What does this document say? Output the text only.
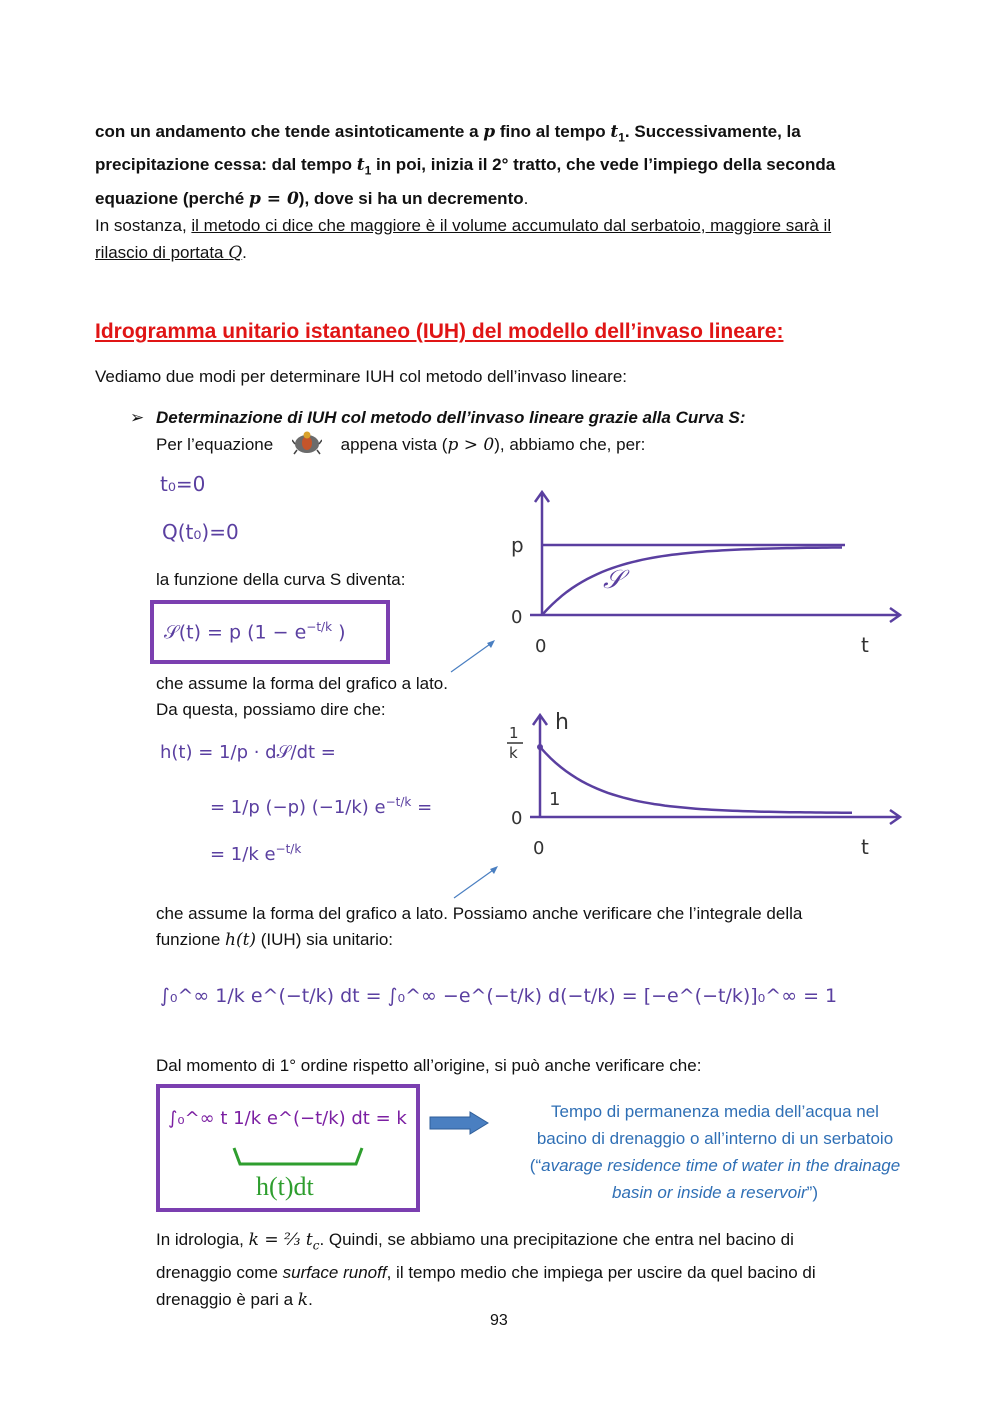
con un andamento che tende asintoticamente a p fino al tempo $t_1$. Successivamente, la
precipitazione cessa: dal tempo $t_1$ in poi, inizia il 2° tratto, che vede l’impiego della seconda
equazione (perché p = 0), dove si ha un decremento.
In sostanza, il metodo ci dice che maggiore è il volume accumulato dal serbatoio, maggiore sarà il
rilascio di portata Q.
Idrogramma unitario istantaneo (IUH) del modello dell’invaso lineare:
Vediamo due modi per determinare IUH col metodo dell’invaso lineare:
➢ Determinazione di IUH col metodo dell’invaso lineare grazie alla Curva S:
Per l’equazione	appena vista (p > 0), abbiamo che, per:
t₀=0
Q(t₀)=0
la funzione della curva S diventa:
𝒮(t) = p ($1 - e^{-t/k}$ )
p
𝒮
0
0	t
che assume la forma del grafico a lato.
Da questa, possiamo dire che:
h(t) = 1/p · d𝒮/dt =
= 1/p (−p) (−1/k) $e^{-t/k}$ =
= 1/k $e^{-t/k}$
h
1
k
1
0
0	t
che assume la forma del grafico a lato. Possiamo anche verificare che l’integrale della
funzione h(t) (IUH) sia unitario:
∫₀^∞ 1/k e^(−t/k) dt = ∫₀^∞ −e^(−t/k) d(−t/k) = [−e^(−t/k)]₀^∞ = 1
Dal momento di 1° ordine rispetto all’origine, si può anche verificare che:
∫₀^∞ t 1/k e^(−t/k) dt = k
h(t)dt
Tempo di permanenza media dell’acqua nel
bacino di drenaggio o all’interno di un serbatoio
(“avarage residence time of water in the drainage
basin or inside a reservoir”)
In idrologia, k = ⅔ $t_c$. Quindi, se abbiamo una precipitazione che entra nel bacino di
drenaggio come surface runoff, il tempo medio che impiega per uscire da quel bacino di
drenaggio è pari a k.
93
